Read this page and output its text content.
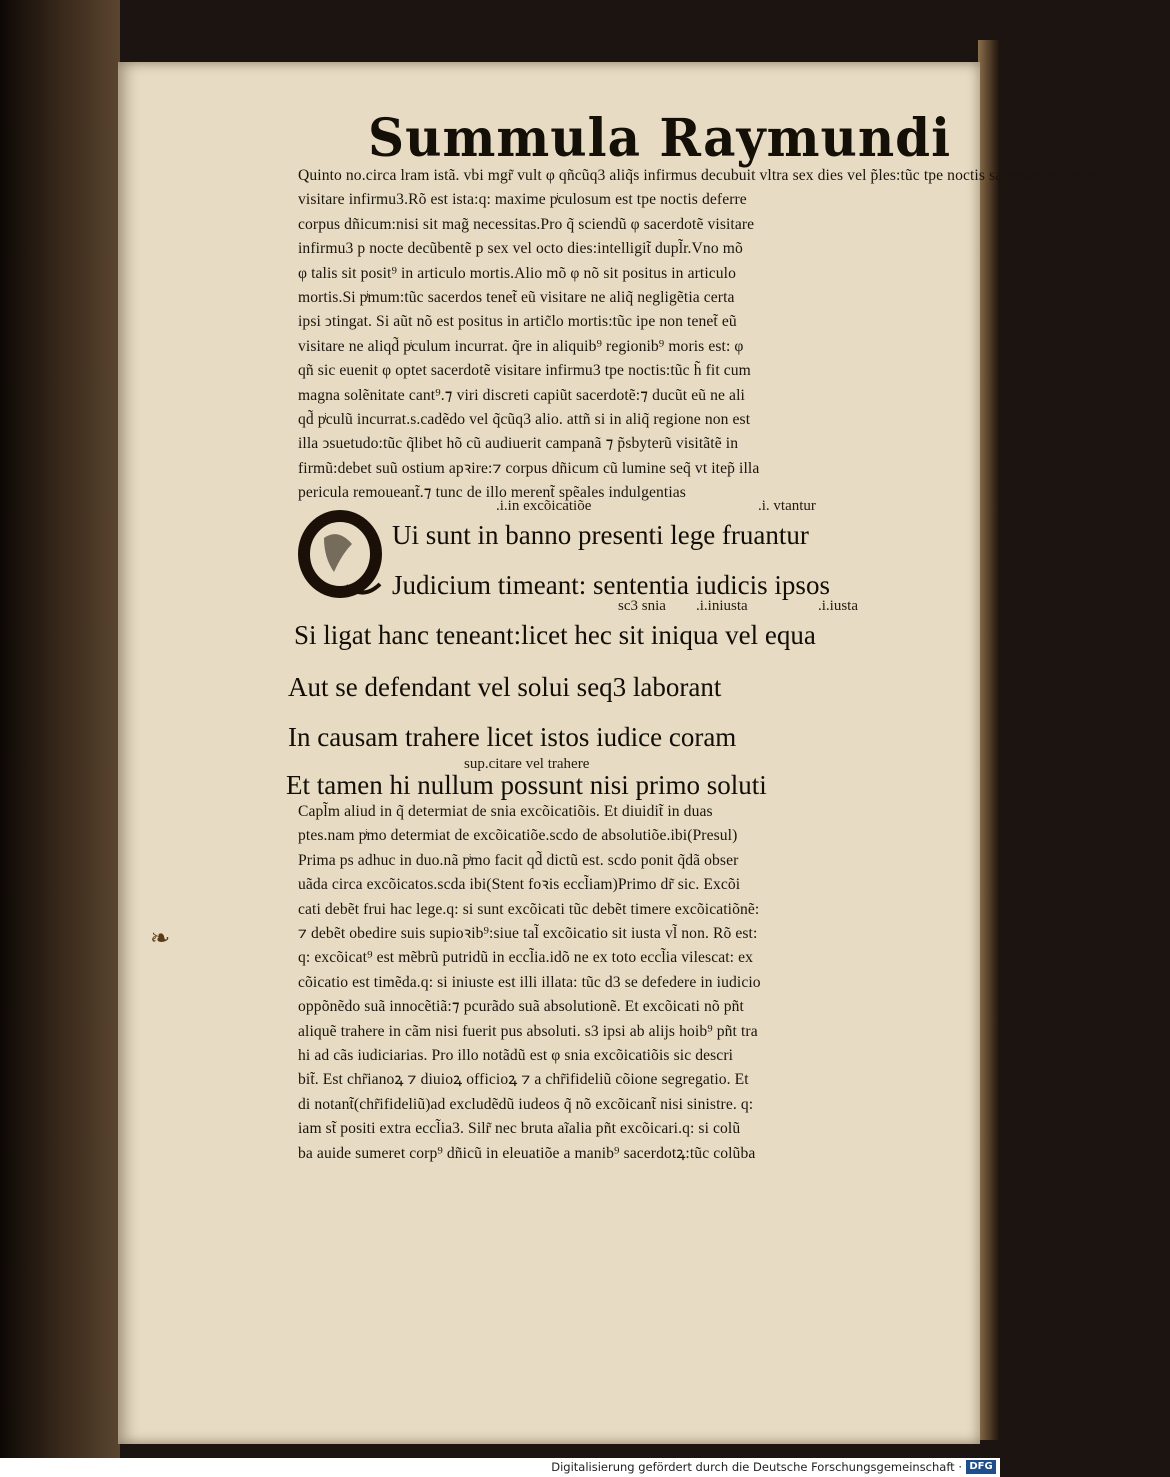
Summula Raymundi
Quinto no.circa lram istã. vbi mgr̃ vult φ qñcũq3 aliq̃s infirmus decubuit vltra sex dies vel p̃les:tũc tpe noctis sacerdos cũ corpe chr̃i nõ d3
visitare infirmu3.Rõ est ista:q: maxime pͥculosum est tpe noctis deferre
corpus dñicum:nisi sit mag̃ necessitas.Pro q̃ sciendũ φ sacerdotẽ visitare
infirmu3 p nocte decũbentẽ p sex vel octo dies:intelligit̃ dupl̃r.Vno mõ
φ talis sit posit⁹ in articulo mortis.Alio mõ φ nõ sit positus in articulo
mortis.Si pͥmum:tũc sacerdos tenet̃ eũ visitare ne aliq̃ negligẽtia certa
ipsi ↄtingat. Si aũt nõ est positus in artic̃lo mortis:tũc ipe non tenet̃ eũ
visitare ne aliqd̃ pͥculum incurrat. q̃re in aliquib⁹ regionib⁹ moris est: φ
qñ sic euenit φ optet sacerdotẽ visitare infirmu3 tpe noctis:tũc h̃ fit cum
magna solẽnitate cant⁹.⁊ viri discreti capiũt sacerdotẽ:⁊ ducũt eũ ne ali
qd̃ pͥculũ incurrat.s.cadẽdo vel q̃cũq3 alio. attñ si in aliq̃ regione non est
illa ↄsuetudo:tũc q̃libet hõ cũ audiuerit campanã ⁊ p̃sbyterũ visitãtẽ in
firmũ:debet suũ ostium apꝛire:⁊ corpus dñicum cũ lumine seq̃ vt itep̃ illa
pericula remoueant̃.⁊ tunc de illo merent̃ spẽales indulgentias
.i.in excõicatiõe	.i. vtantur
sc3 snia .i.iniusta	.i.iusta
sup.citare vel trahere
Ui sunt in banno presenti lege fruantur
Judicium timeant: sententia iudicis ipsos
Si ligat hanc teneant:licet hec sit iniqua vel equa
Aut se defendant vel solui seq3 laborant
In causam trahere licet istos iudice coram
Et tamen hi nullum possunt nisi primo soluti
Capl̃m aliud in q̃ determiat de snia excõicatiõis. Et diuidit̃ in duas
ptes.nam pͥmo determiat de excõicatiõe.scdo de absolutiõe.ibi(Presul)
Prima ps adhuc in duo.nã pͥmo facit qd̃ dictũ est. scdo ponit q̃dã obser
uãda circa excõicatos.scda ibi(Stent foꝛis eccl̃iam)Primo dr̃ sic. Excõi
cati debẽt frui hac lege.q: si sunt excõicati tũc debẽt timere excõicatiõnẽ:
⁊ debẽt obedire suis supioꝛib⁹:siue tal̃ excõicatio sit iusta vl̃ non. Rõ est:
q: excõicat⁹ est mẽbrũ putridũ in eccl̃ia.idõ ne ex toto eccl̃ia vilescat: ex
cõicatio est timẽda.q: si iniuste est illi illata: tũc d3 se defedere in iudicio
oppõnẽdo suã innocẽtiã:⁊ pcurãdo suã absolutionẽ. Et excõicati nõ pñt
aliquẽ trahere in cãm nisi fuerit pus absoluti. s3 ipsi ab alijs hoib⁹ pñt tra
hi ad cãs iudiciarias. Pro illo notãdũ est φ snia excõicatiõis sic descri
bit̃. Est chr̃ianoꝝ ⁊ diuioꝝ officioꝝ ⁊ a chr̃ifideliũ cõione segregatio. Et
di notant̃(chr̃ifideliũ)ad excludẽdũ iudeos q̃ nõ excõicant̃ nisi sinistre. q:
iam st̃ positi extra eccl̃ia3. Silr̃ nec bruta aĩalia pñt excõicari.q: si colũ
ba auide sumeret corp⁹ dñicũ in eleuatiõe a manib⁹ sacerdotꝝ:tũc colũba
❧
Digitalisierung gefördert durch die Deutsche Forschungsgemeinschaft · DFG
